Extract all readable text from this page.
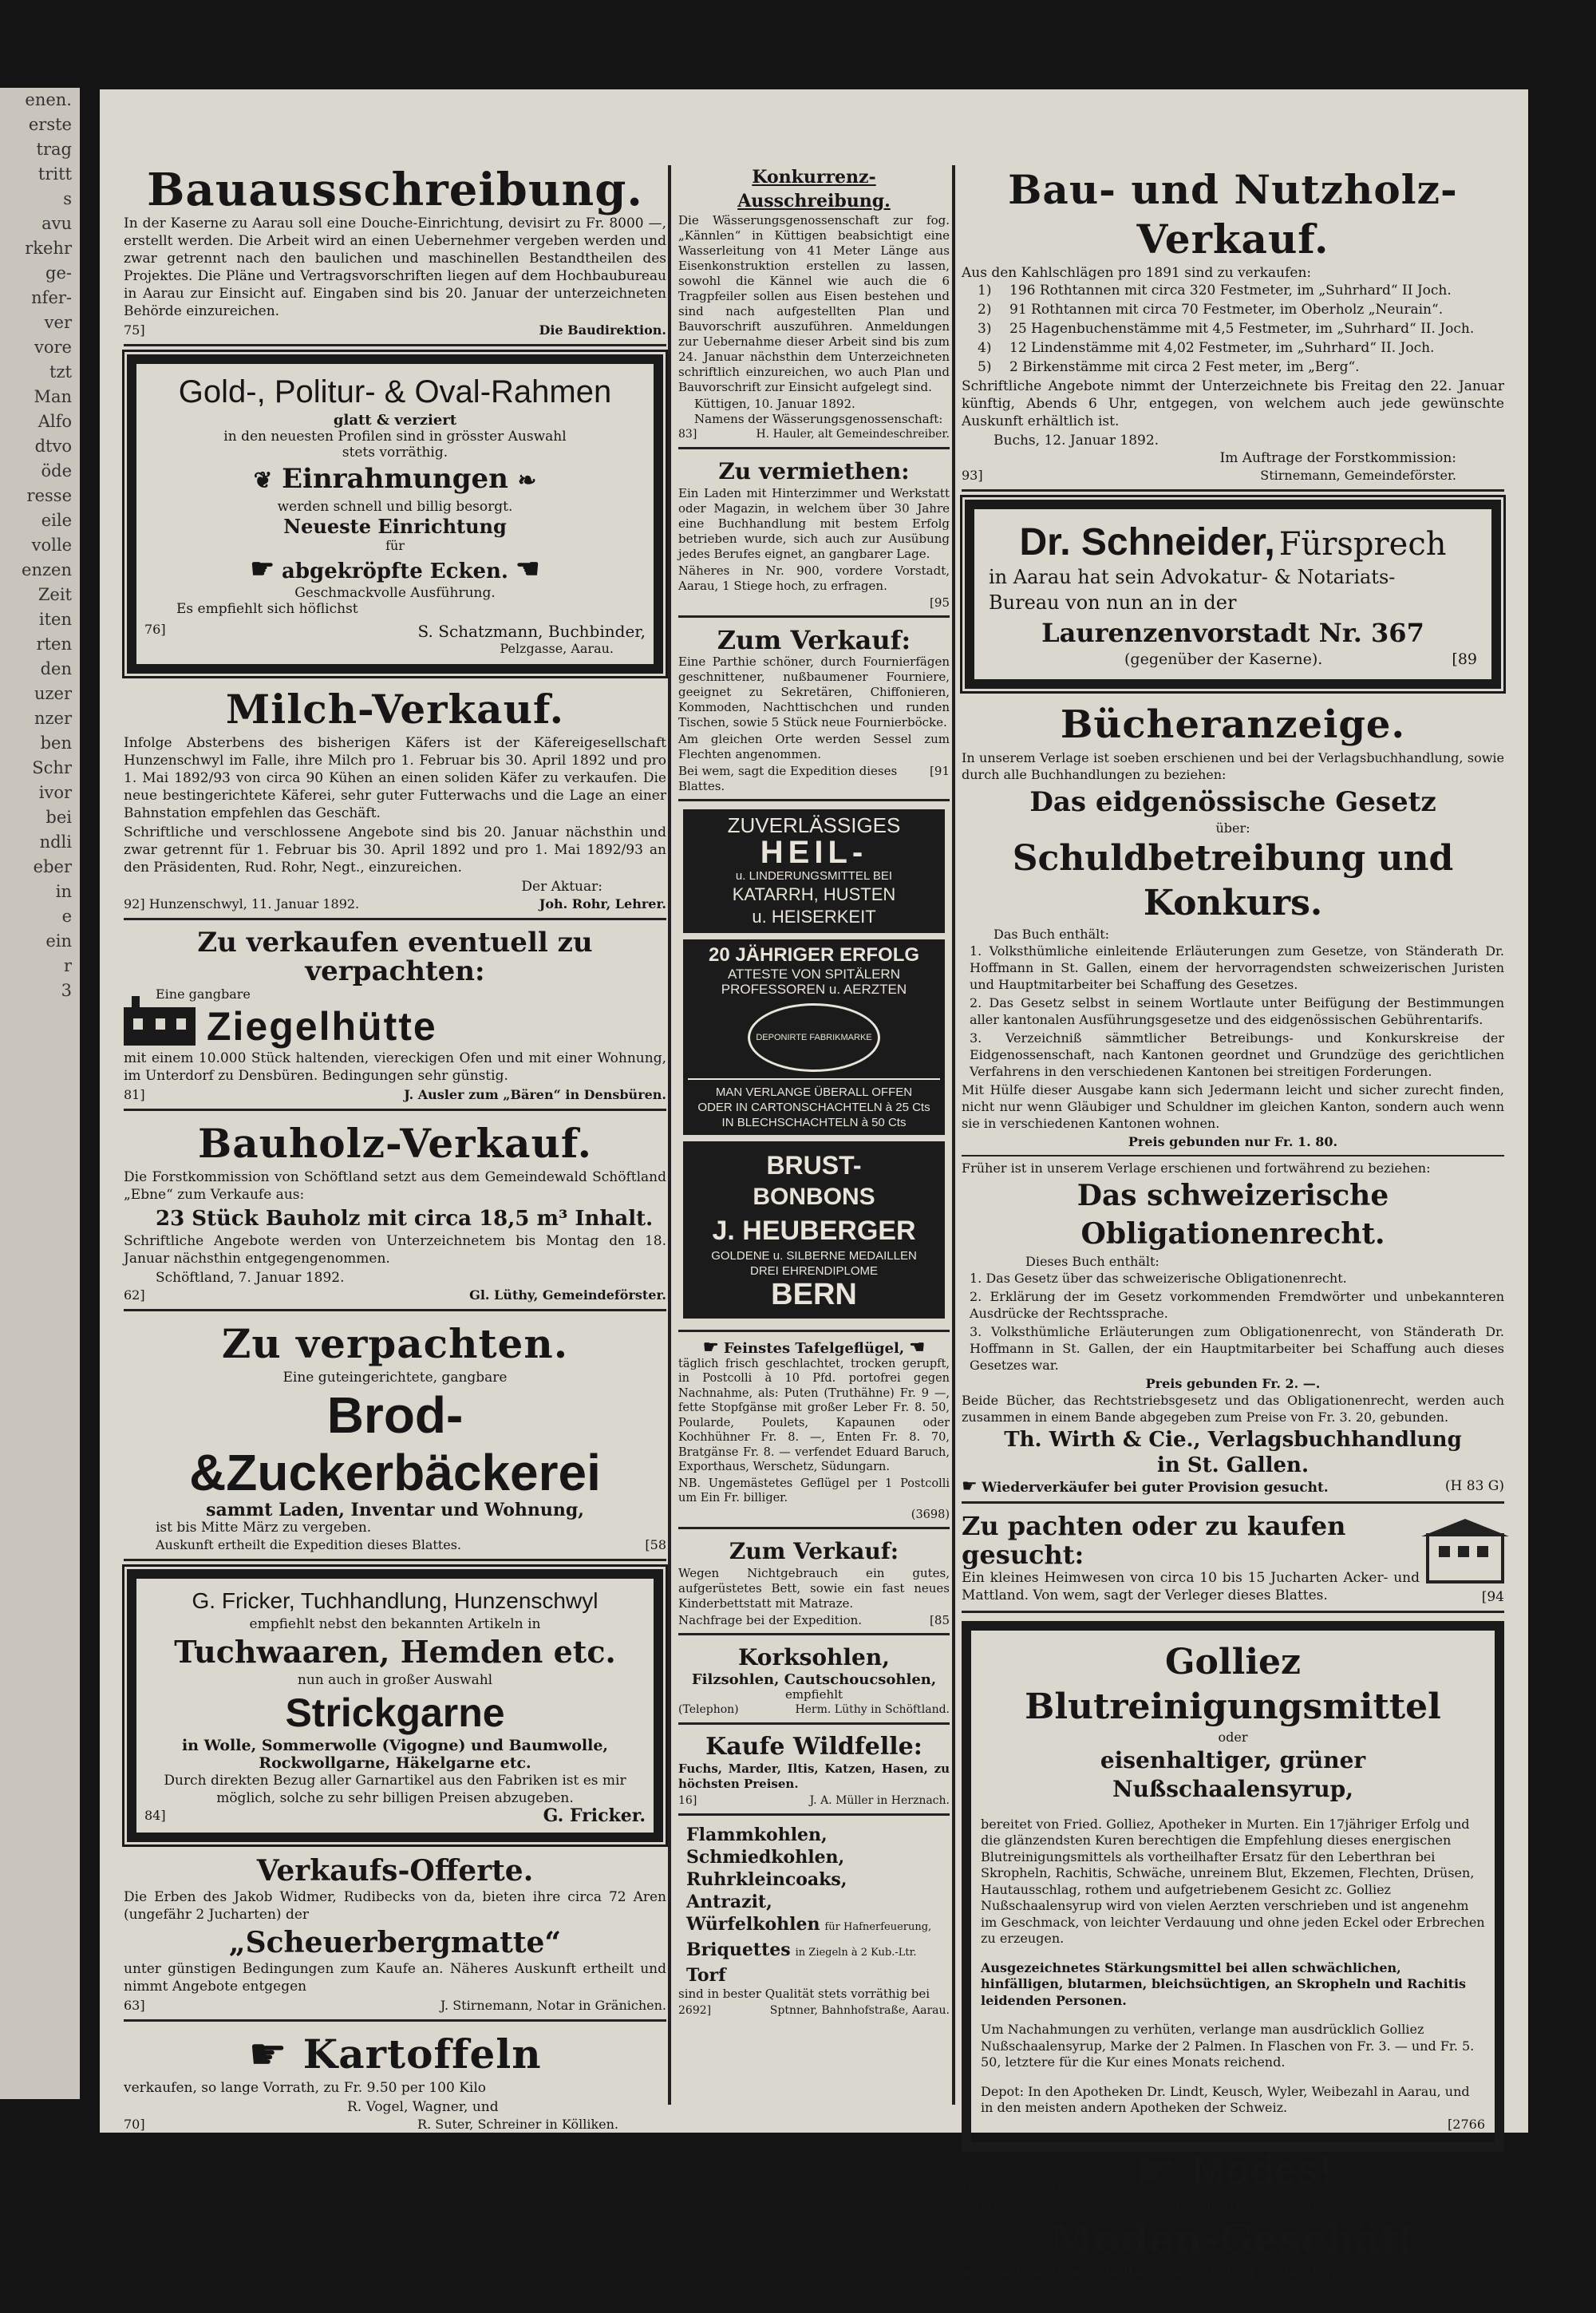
enen.
erste
trag
tritt
s
avu
rkehr
ge-
nfer-
ver
vore
tzt
Man
Alfo
dtvo
öde
resse
eile
volle
enzen
Zeit
iten
rten
den
uzer
nzer
ben
Schr
ivor
bei
ndli
eber
in
e
ein
r
3
Bauausschreibung.

In der Kaserne zu Aarau soll eine Douche-Einrichtung, devisirt zu Fr. 8000 —, erstellt werden. Die Arbeit wird an einen Uebernehmer vergeben werden und zwar getrennt nach den baulichen und maschinellen Bestandtheilen des Projektes. Die Pläne und Vertragsvorschriften liegen auf dem Hochbaubureau in Aarau zur Einsicht auf. Eingaben sind bis 20. Januar der unterzeichneten Behörde einzureichen.

75]	Die Baudirektion.
Gold-, Politur- & Oval-Rahmen
glatt & verziert
in den neuesten Profilen sind in grösster Auswahl
stets vorräthig.
❦ Einrahmungen ❧
werden schnell und billig besorgt.
Neueste Einrichtung
für
☛ abgekröpfte Ecken. ☚
Geschmackvolle Ausführung.
Es empfiehlt sich höflichst
76]	S. Schatzmann, Buchbinder,
Pelzgasse, Aarau.
Milch-Verkauf.

Infolge Absterbens des bisherigen Käfers ist der Käfereigesellschaft Hunzenschwyl im Falle, ihre Milch pro 1. Februar bis 30. April 1892 und pro 1. Mai 1892/93 von circa 90 Kühen an einen soliden Käfer zu verkaufen. Die neue bestingerichtete Käferei, sehr guter Futterwachs und die Lage an einer Bahnstation empfehlen das Geschäft.

Schriftliche und verschlossene Angebote sind bis 20. Januar nächsthin und zwar getrennt für 1. Februar bis 30. April 1892 und pro 1. Mai 1892/93 an den Präsidenten, Rud. Rohr, Negt., einzureichen.

Der Aktuar:
92] Hunzenschwyl, 11. Januar 1892.	Joh. Rohr, Lehrer.
Zu verkaufen eventuell zu verpachten:
Eine gangbare
Ziegelhütte

mit einem 10.000 Stück haltenden, viereckigen Ofen und mit einer Wohnung, im Unterdorf zu Densbüren. Bedingungen sehr günstig.

81]	J. Ausler zum „Bären“ in Densbüren.
Bauholz-Verkauf.

Die Forstkommission von Schöftland setzt aus dem Gemeindewald Schöftland „Ebne“ zum Verkaufe aus:

23 Stück Bauholz mit circa 18,5 m³ Inhalt.

Schriftliche Angebote werden von Unterzeichnetem bis Montag den 18. Januar nächsthin entgegengenommen.

Schöftland, 7. Januar 1892.
62]	Gl. Lüthy, Gemeindeförster.
Zu verpachten.
Eine guteingerichtete, gangbare
Brod-&Zuckerbäckerei
sammt Laden, Inventar und Wohnung,
ist bis Mitte März zu vergeben.
Auskunft ertheilt die Expedition dieses Blattes.	[58
G. Fricker, Tuchhandlung, Hunzenschwyl
empfiehlt nebst den bekannten Artikeln in
Tuchwaaren, Hemden etc.
nun auch in großer Auswahl
Strickgarne
in Wolle, Sommerwolle (Vigogne) und Baumwolle, Rockwollgarne, Häkelgarne etc.
Durch direkten Bezug aller Garnartikel aus den Fabriken ist es mir möglich, solche zu sehr billigen Preisen abzugeben.
84]	G. Fricker.
Verkaufs-Offerte.

Die Erben des Jakob Widmer, Rudibecks von da, bieten ihre circa 72 Aren (ungefähr 2 Jucharten) der

„Scheuerbergmatte“

unter günstigen Bedingungen zum Kaufe an. Näheres Auskunft ertheilt und nimmt Angebote entgegen

63]	J. Stirnemann, Notar in Gränichen.
☛ Kartoffeln

verkaufen, so lange Vorrath, zu Fr. 9.50 per 100 Kilo

R. Vogel, Wagner, und
70]	R. Suter, Schreiner in Kölliken.
Konkurrenz-Ausschreibung.

Die Wässerungsgenossenschaft zur fog. „Kännlen“ in Küttigen beabsichtigt eine Wasserleitung von 41 Meter Länge aus Eisenkonstruktion erstellen zu lassen, sowohl die Kännel wie auch die 6 Tragpfeiler sollen aus Eisen bestehen und sind nach aufgestellten Plan und Bauvorschrift auszuführen. Anmeldungen zur Uebernahme dieser Arbeit sind bis zum 24. Januar nächsthin dem Unterzeichneten schriftlich einzureichen, wo auch Plan und Bauvorschrift zur Einsicht aufgelegt sind.

Küttigen, 10. Januar 1892.
Namens der Wässerungsgenossenschaft:
83]	H. Hauler, alt Gemeindeschreiber.
Zu vermiethen:

Ein Laden mit Hinterzimmer und Werkstatt oder Magazin, in welchem über 30 Jahre eine Buchhandlung mit bestem Erfolg betrieben wurde, sich auch zur Ausübung jedes Berufes eignet, an gangbarer Lage.

Näheres in Nr. 900, vordere Vorstadt, Aarau, 1 Stiege hoch, zu erfragen.

[95
Zum Verkauf:

Eine Parthie schöner, durch Fournierfägen geschnittener, nußbaumener Fourniere, geeignet zu Sekretären, Chiffonieren, Kommoden, Nachttischchen und runden Tischen, sowie 5 Stück neue Fournierböcke.

Am gleichen Orte werden Sessel zum Flechten angenommen.

Bei wem, sagt die Expedition dieses Blattes.
[91
ZUVERLÄSSIGES
HEIL-
u. LINDERUNGSMITTEL BEI
KATARRH, HUSTEN
u. HEISERKEIT
20 JÄHRIGER ERFOLG
ATTESTE VON SPITÄLERN
PROFESSOREN u. AERZTEN
DEPONIRTE FABRIKMARKE
MAN VERLANGE ÜBERALL OFFEN
ODER IN CARTONSCHACHTELN à 25 Cts
IN BLECHSCHACHTELN à 50 Cts
BRUST-
BONBONS
J. HEUBERGER
GOLDENE u. SILBERNE MEDAILLEN
DREI EHRENDIPLOME
BERN
☛ Feinstes Tafelgeflügel, ☚

täglich frisch geschlachtet, trocken gerupft, in Postcolli à 10 Pfd. portofrei gegen Nachnahme, als: Puten (Truthähne) Fr. 9 —, fette Stopfgänse mit großer Leber Fr. 8. 50, Poularde, Poulets, Kapaunen oder Kochhühner Fr. 8. —, Enten Fr. 8. 70, Bratgänse Fr. 8. — verfendet Eduard Baruch, Exporthaus, Werschetz, Südungarn.

NB. Ungemästetes Geflügel per 1 Postcolli um Ein Fr. billiger.

(3698)
Zum Verkauf:

Wegen Nichtgebrauch ein gutes, aufgerüstetes Bett, sowie ein fast neues Kinderbettstatt mit Matraze.

Nachfrage bei der Expedition.	[85
Korksohlen,
Filzsohlen, Cautschoucsohlen,
empfiehlt
(Telephon)	Herm. Lüthy in Schöftland.
Kaufe Wildfelle:

Fuchs, Marder, Iltis, Katzen, Hasen, zu höchsten Preisen.

16]	J. A. Müller in Herznach.
Flammkohlen,
Schmiedkohlen,
Ruhrkleincoaks,
Antrazit,
Würfelkohlen für Hafnerfeuerung,
Briquettes in Ziegeln à 2 Kub.-Ltr.
Torf

sind in bester Qualität stets vorräthig bei

2692]	Sptnner, Bahnhofstraße, Aarau.
Bau- und Nutzholz-Verkauf.
Aus den Kahlschlägen pro 1891 sind zu verkaufen:

1) 196 Rothtannen mit circa 320 Festmeter, im „Suhrhard“ II Joch.

2) 91 Rothtannen mit circa 70 Festmeter, im Oberholz „Neurain“.

3) 25 Hagenbuchenstämme mit 4,5 Festmeter, im „Suhrhard“ II. Joch.

4) 12 Lindenstämme mit 4,02 Festmeter, im „Suhrhard“ II. Joch.

5) 2 Birkenstämme mit circa 2 Fest meter, im „Berg“.

Schriftliche Angebote nimmt der Unterzeichnete bis Freitag den 22. Januar künftig, Abends 6 Uhr, entgegen, von welchem auch jede gewünschte Auskunft erhältlich ist.

Buchs, 12. Januar 1892.
Im Auftrage der Forstkommission:
93]	Stirnemann, Gemeindeförster.
Dr. Schneider, Fürsprech
in Aarau hat sein Advokatur- & Notariats-
Bureau von nun an in der
Laurenzenvorstadt Nr. 367
(gegenüber der Kaserne).	[89
Bücheranzeige.

In unserem Verlage ist soeben erschienen und bei der Verlagsbuchhandlung, sowie durch alle Buchhandlungen zu beziehen:

Das eidgenössische Gesetz
über:
Schuldbetreibung und Konkurs.
Das Buch enthält:

1. Volksthümliche einleitende Erläuterungen zum Gesetze, von Ständerath Dr. Hoffmann in St. Gallen, einem der hervorragendsten schweizerischen Juristen und Hauptmitarbeiter bei Schaffung des Gesetzes.

2. Das Gesetz selbst in seinem Wortlaute unter Beifügung der Bestimmungen aller kantonalen Ausführungsgesetze und des eidgenössischen Gebührentarifs.

3. Verzeichniß sämmtlicher Betreibungs- und Konkurskreise der Eidgenossenschaft, nach Kantonen geordnet und Grundzüge des gerichtlichen Verfahrens in den verschiedenen Kantonen bei streitigen Forderungen.

Mit Hülfe dieser Ausgabe kann sich Jedermann leicht und sicher zurecht finden, nicht nur wenn Gläubiger und Schuldner im gleichen Kanton, sondern auch wenn sie in verschiedenen Kantonen wohnen.

Preis gebunden nur Fr. 1. 80.
Früher ist in unserem Verlage erschienen und fortwährend zu beziehen:
Das schweizerische Obligationenrecht.
Dieses Buch enthält:

1. Das Gesetz über das schweizerische Obligationenrecht.

2. Erklärung der im Gesetz vorkommenden Fremdwörter und unbekannteren Ausdrücke der Rechtssprache.

3. Volksthümliche Erläuterungen zum Obligationenrecht, von Ständerath Dr. Hoffmann in St. Gallen, der ein Hauptmitarbeiter bei Schaffung auch dieses Gesetzes war.

Preis gebunden Fr. 2. —.

Beide Bücher, das Rechtstriebsgesetz und das Obligationenrecht, werden auch zusammen in einem Bande abgegeben zum Preise von Fr. 3. 20, gebunden.

Th. Wirth & Cie., Verlagsbuchhandlung
in St. Gallen.
☛ Wiederverkäufer bei guter Provision gesucht.	(H 83 G)
Zu pachten oder zu kaufen gesucht:

Ein kleines Heimwesen von circa 10 bis 15 Jucharten Acker- und Mattland. Von wem, sagt der Verleger dieses Blattes.	[94
Golliez Blutreinigungsmittel
oder
eisenhaltiger, grüner Nußschaalensyrup,

bereitet von Fried. Golliez, Apotheker in Murten. Ein 17jähriger Erfolg und die glänzendsten Kuren berechtigen die Empfehlung dieses energischen Blutreinigungsmittels als vortheilhafter Ersatz für den Leberthran bei Skropheln, Rachitis, Schwäche, unreinem Blut, Ekzemen, Flechten, Drüsen, Hautausschlag, rothem und aufgetriebenem Gesicht zc. Golliez Nußschaalensyrup wird von vielen Aerzten verschrieben und ist angenehm im Geschmack, von leichter Verdauung und ohne jeden Eckel oder Erbrechen zu erzeugen.

Ausgezeichnetes Stärkungsmittel bei allen schwächlichen, hinfälligen, blutarmen, bleichsüchtigen, an Skropheln und Rachitis leidenden Personen.

Um Nachahmungen zu verhüten, verlange man ausdrücklich Golliez Nußschaalensyrup, Marke der 2 Palmen. In Flaschen von Fr. 3. — und Fr. 5. 50, letztere für die Kur eines Monats reichend.

Depot: In den Apotheken Dr. Lindt, Keusch, Wyler, Weibezahl in Aarau, und in den meisten andern Apotheken der Schweiz.
[2766
☛ Modes!

In einer Hauptstadt der deutschen Schweiz ist ein seit 12 Jahren mit bester Kundsame und ausgezeichnet gutem Erfolg betriebenes

Moden-Geschäft

wegen Familienverhältnissen sofort zu verkaufen.

Gefl. frankirte Offerten befördert die Expedition dieses Blattes.	[56
